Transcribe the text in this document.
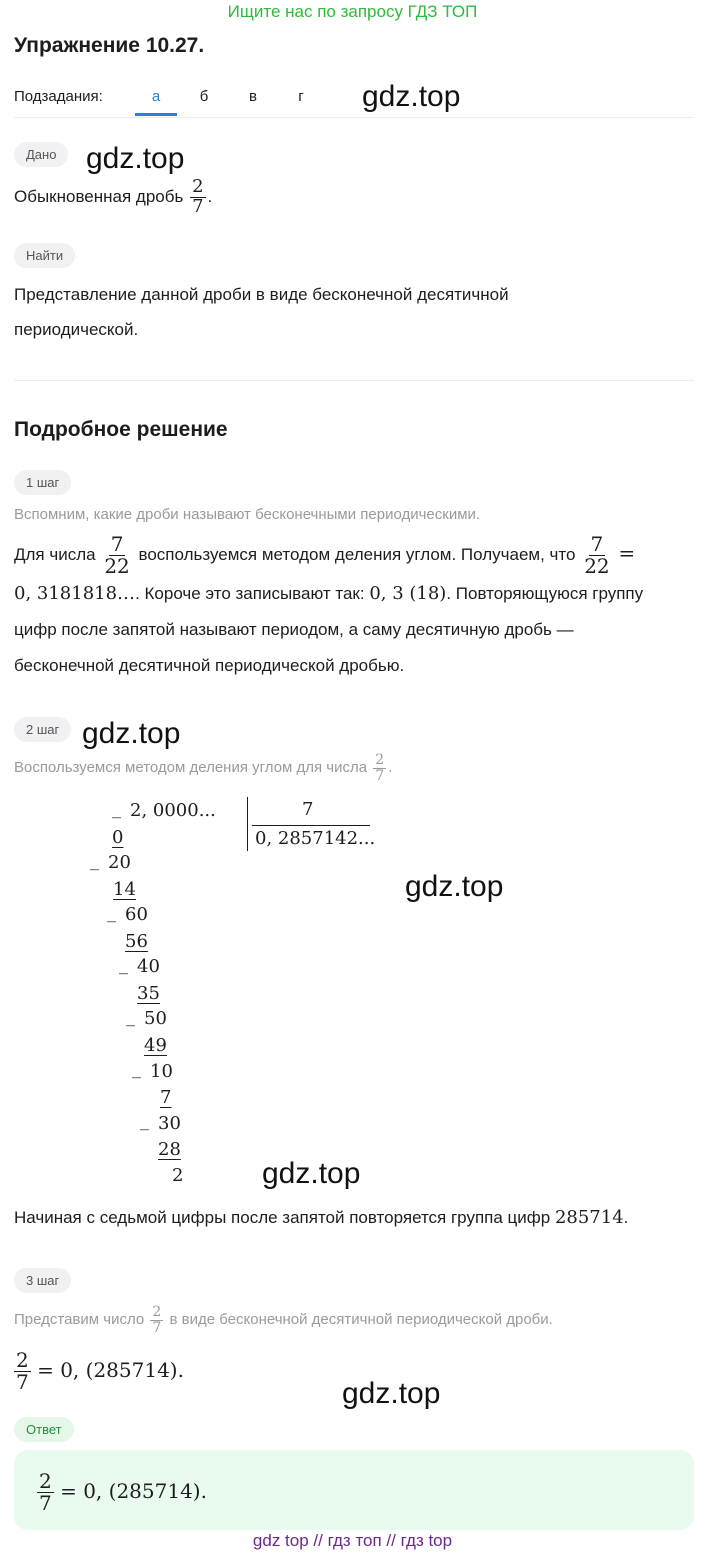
Ищите нас по запросу ГДЗ ТОП
Упражнение 10.27.
Подзадания:	а	б	в	г	gdz.top
Дано gdz.top
Обыкновенная дробь $\frac{2}{7}$ .
Найти
Представление данной дроби в виде бесконечной десятичной
периодической.
Подробное решение
1 шаг
Вспомним, какие дроби называют бесконечными периодическими.
Для числа $\frac{7}{22}$ воспользуемся методом деления углом. Получаем, что $\frac{7}{22}$ =
0, 3181818…. Короче это записывают так: 0, 3 (18). Повторяющуюся группу
цифр после запятой называют периодом, а саму десятичную дробь —
бесконечной десятичной периодической дробью.
2 шаг gdz.top
Воспользуемся методом деления углом для числа $\frac{2}{7}$ .
_ 2, 0000...	7
0, 2857142...
0
_ 20
14
_ 60
56
_ 40
35
_ 50
49
_ 10
7
_ 30
28
2
gdz.top
gdz.top
Начиная с седьмой цифры после запятой повторяется группа цифр 285714.
3 шаг
Представим число $\frac{2}{7}$ в виде бесконечной десятичной периодической дроби.
$\frac{2}{7} = 0$, (285714).
gdz.top
Ответ
$\frac{2}{7} = 0$, (285714).
gdz top // гдз топ // гдз top
